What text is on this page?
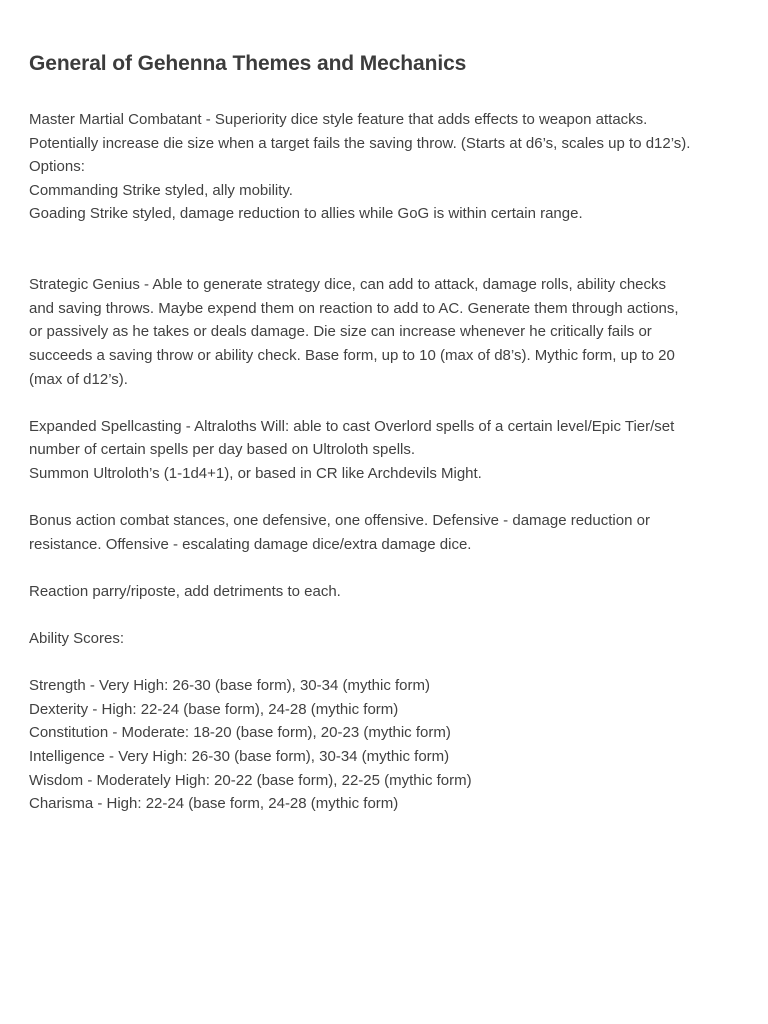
General of Gehenna Themes and Mechanics
Master Martial Combatant - Superiority dice style feature that adds effects to weapon attacks.
Potentially increase die size when a target fails the saving throw. (Starts at d6’s, scales up to d12’s).
Options:
Commanding Strike styled, ally mobility.
Goading Strike styled, damage reduction to allies while GoG is within certain range.
Strategic Genius - Able to generate strategy dice, can add to attack, damage rolls, ability checks
and saving throws. Maybe expend them on reaction to add to AC. Generate them through actions,
or passively as he takes or deals damage. Die size can increase whenever he critically fails or
succeeds a saving throw or ability check. Base form, up to 10 (max of d8’s). Mythic form, up to 20
(max of d12’s).
Expanded Spellcasting - Altraloths Will: able to cast Overlord spells of a certain level/Epic Tier/set
number of certain spells per day based on Ultroloth spells.
Summon Ultroloth’s (1-1d4+1), or based in CR like Archdevils Might.
Bonus action combat stances, one defensive, one offensive. Defensive - damage reduction or
resistance. Offensive - escalating damage dice/extra damage dice.
Reaction parry/riposte, add detriments to each.
Ability Scores:
Strength - Very High: 26-30 (base form), 30-34 (mythic form)
Dexterity - High: 22-24 (base form), 24-28 (mythic form)
Constitution - Moderate: 18-20 (base form), 20-23 (mythic form)
Intelligence - Very High: 26-30 (base form), 30-34 (mythic form)
Wisdom - Moderately High: 20-22 (base form), 22-25 (mythic form)
Charisma - High: 22-24 (base form, 24-28 (mythic form)
